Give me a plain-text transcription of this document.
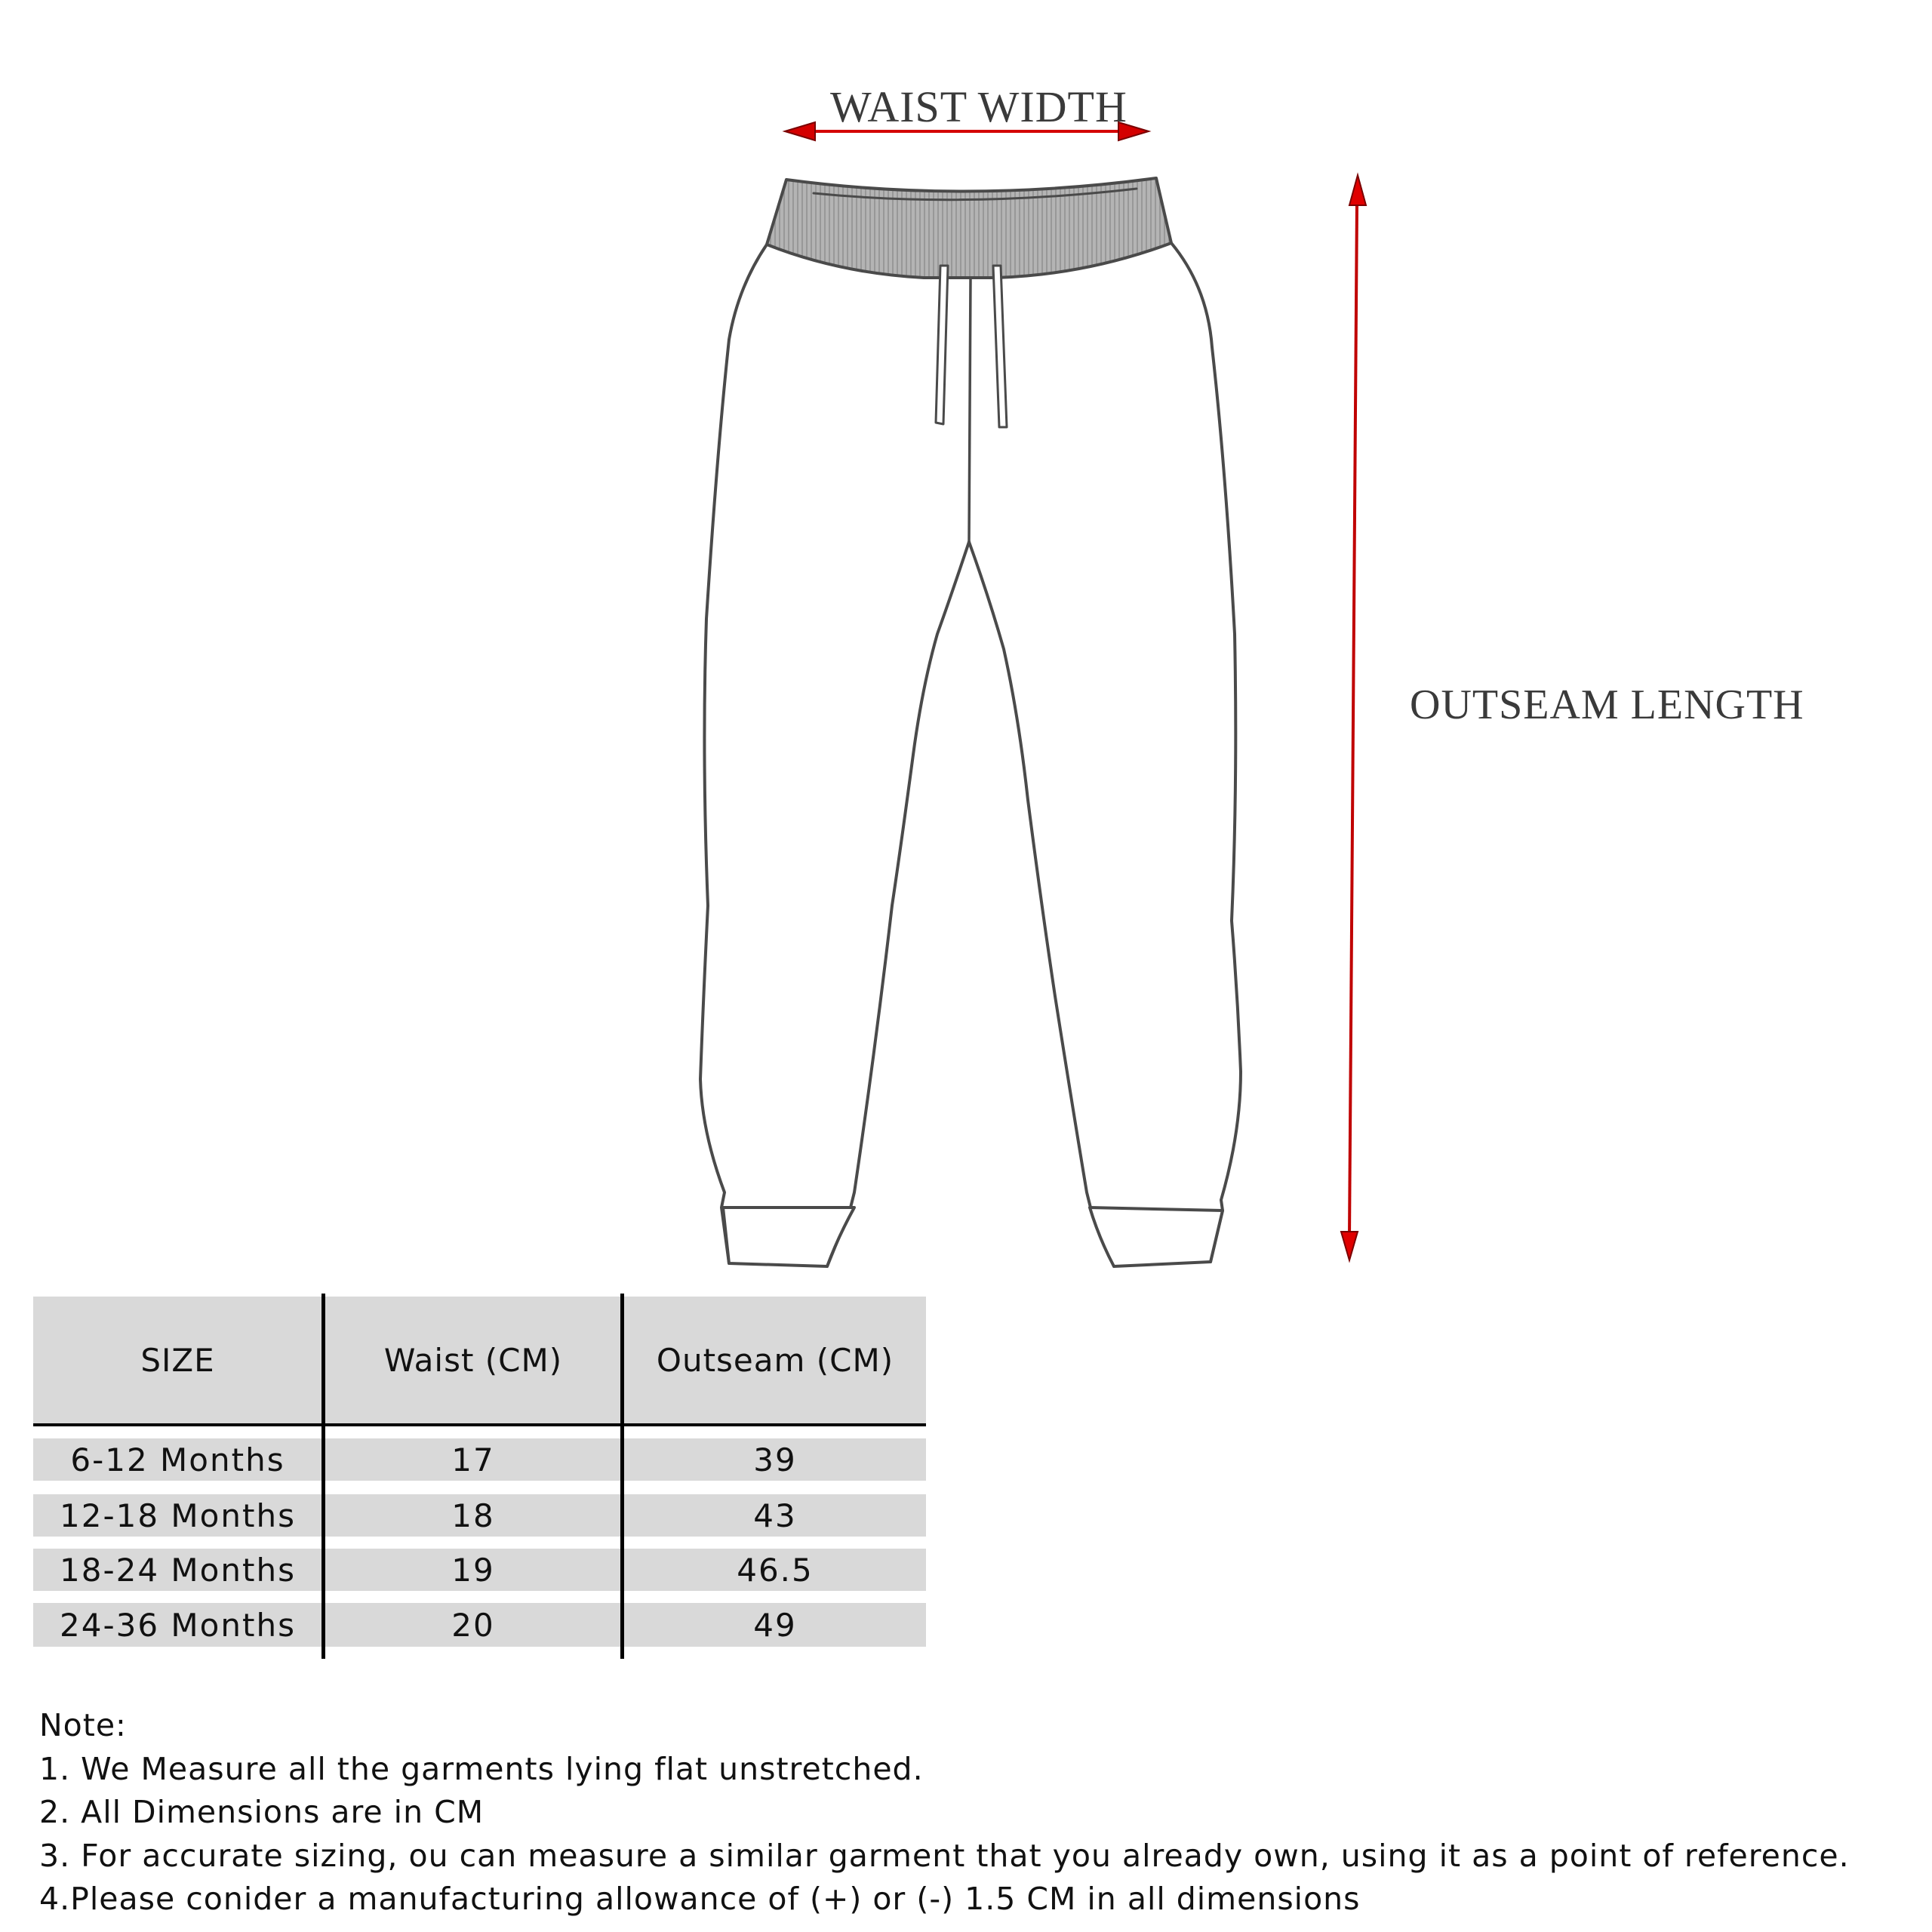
WAIST WIDTH
OUTSEAM LENGTH
SIZE	Waist (CM)	Outseam (CM)
6-12 Months	17	39
12-18 Months	18	43
18-24 Months	19	46.5
24-36 Months	20	49
Note:
1. We Measure all the garments lying flat unstretched.
2. All Dimensions are in CM
3. For accurate sizing, ou can measure a similar garment that you already own, using it as a point of reference.
4.Please conider a manufacturing allowance of (+) or (-) 1.5 CM in all dimensions
